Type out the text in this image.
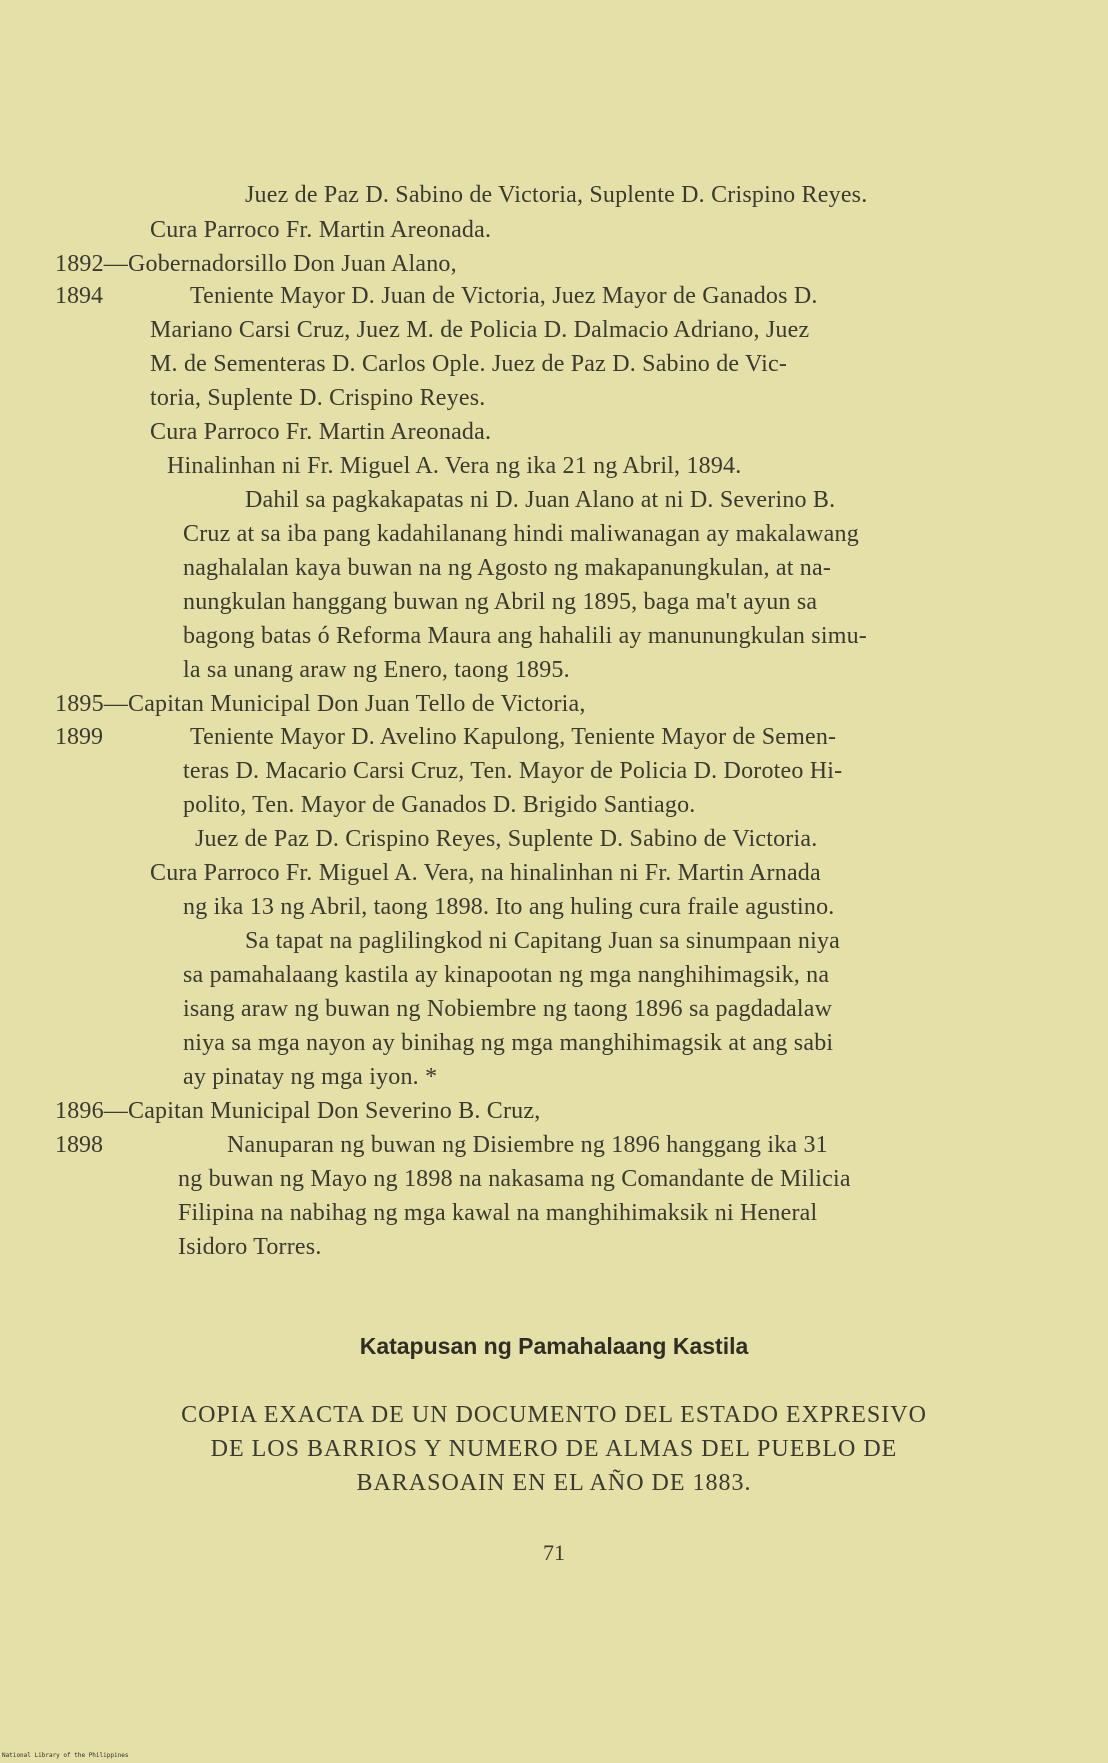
Juez de Paz D. Sabino de Victoria, Suplente D. Crispino Reyes.
Cura Parroco Fr. Martin Areonada.
1892—Gobernadorsillo Don Juan Alano,
1894	Teniente Mayor D. Juan de Victoria, Juez Mayor de Ganados D.
Mariano Carsi Cruz, Juez M. de Policia D. Dalmacio Adriano, Juez
M. de Sementeras D. Carlos Ople. Juez de Paz D. Sabino de Vic-
toria, Suplente D. Crispino Reyes.
Cura Parroco Fr. Martin Areonada.
Hinalinhan ni Fr. Miguel A. Vera ng ika 21 ng Abril, 1894.
Dahil sa pagkakapatas ni D. Juan Alano at ni D. Severino B.
Cruz at sa iba pang kadahilanang hindi maliwanagan ay makalawang
naghalalan kaya buwan na ng Agosto ng makapanungkulan, at na-
nungkulan hanggang buwan ng Abril ng 1895, baga ma't ayun sa
bagong batas ó Reforma Maura ang hahalili ay manunungkulan simu-
la sa unang araw ng Enero, taong 1895.
1895—Capitan Municipal Don Juan Tello de Victoria,
1899	Teniente Mayor D. Avelino Kapulong, Teniente Mayor de Semen-
teras D. Macario Carsi Cruz, Ten. Mayor de Policia D. Doroteo Hi-
polito, Ten. Mayor de Ganados D. Brigido Santiago.
Juez de Paz D. Crispino Reyes, Suplente D. Sabino de Victoria.
Cura Parroco Fr. Miguel A. Vera, na hinalinhan ni Fr. Martin Arnada
ng ika 13 ng Abril, taong 1898. Ito ang huling cura fraile agustino.
Sa tapat na paglilingkod ni Capitang Juan sa sinumpaan niya
sa pamahalaang kastila ay kinapootan ng mga nanghihimagsik, na
isang araw ng buwan ng Nobiembre ng taong 1896 sa pagdadalaw
niya sa mga nayon ay binihag ng mga manghihimagsik at ang sabi
ay pinatay ng mga iyon. *
1896—Capitan Municipal Don Severino B. Cruz,
1898	Nanuparan ng buwan ng Disiembre ng 1896 hanggang ika 31
ng buwan ng Mayo ng 1898 na nakasama ng Comandante de Milicia
Filipina na nabihag ng mga kawal na manghihimaksik ni Heneral
Isidoro Torres.
Katapusan ng Pamahalaang Kastila
COPIA EXACTA DE UN DOCUMENTO DEL ESTADO EXPRESIVO
DE LOS BARRIOS Y NUMERO DE ALMAS DEL PUEBLO DE
BARASOAIN EN EL AÑO DE 1883.
71
National Library of the Philippines
